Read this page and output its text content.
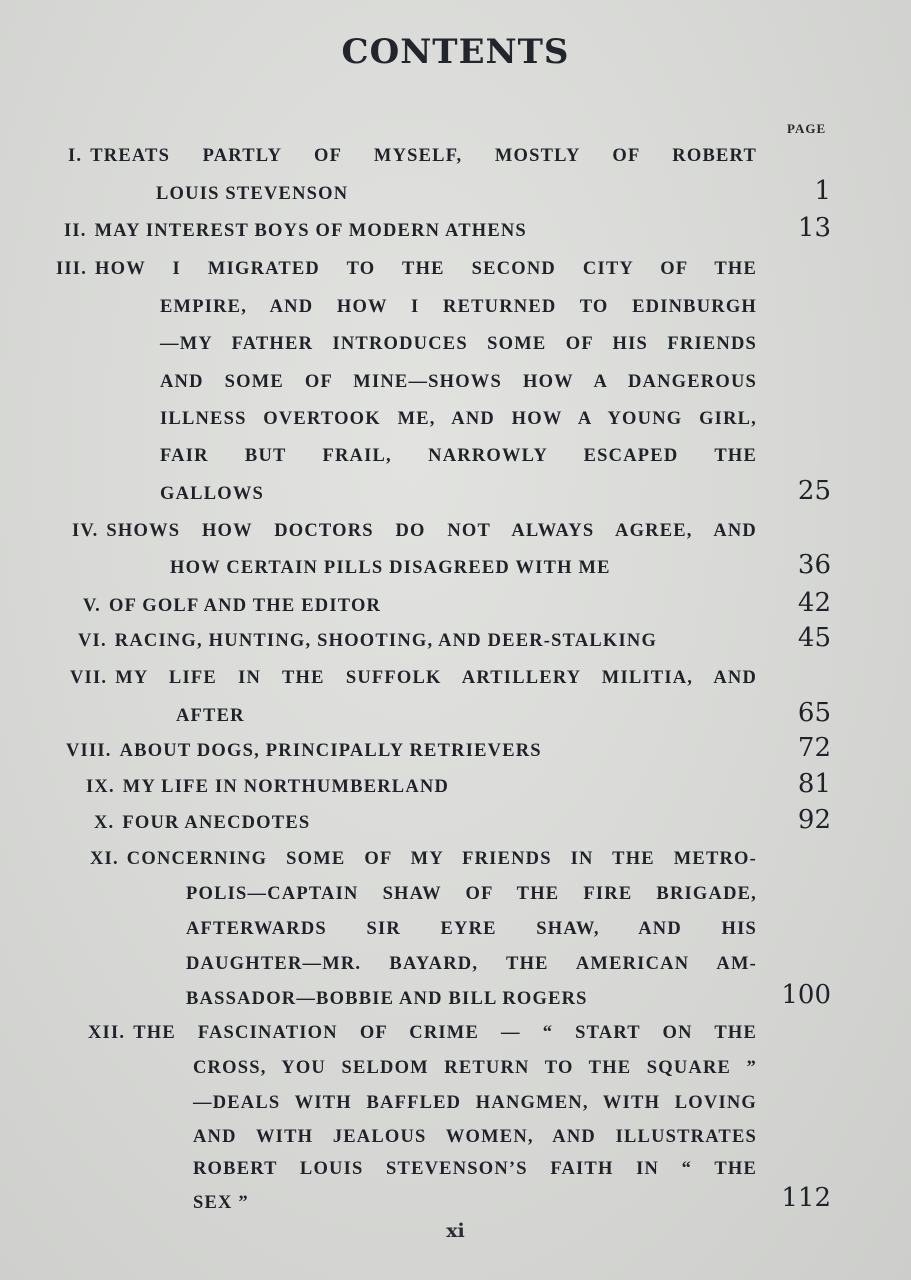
CONTENTS
PAGE
I. TREATS PARTLY OF MYSELF, MOSTLY OF ROBERT
LOUIS STEVENSON	1
II. MAY INTEREST BOYS OF MODERN ATHENS	13
III. HOW I MIGRATED TO THE SECOND CITY OF THE
EMPIRE, AND HOW I RETURNED TO EDINBURGH
—MY FATHER INTRODUCES SOME OF HIS FRIENDS
AND SOME OF MINE—SHOWS HOW A DANGEROUS
ILLNESS OVERTOOK ME, AND HOW A YOUNG GIRL,
FAIR BUT FRAIL, NARROWLY ESCAPED THE
GALLOWS	25
IV. SHOWS HOW DOCTORS DO NOT ALWAYS AGREE, AND
HOW CERTAIN PILLS DISAGREED WITH ME	36
V. OF GOLF AND THE EDITOR	42
VI. RACING, HUNTING, SHOOTING, AND DEER-STALKING	45
VII. MY LIFE IN THE SUFFOLK ARTILLERY MILITIA, AND
AFTER	65
VIII. ABOUT DOGS, PRINCIPALLY RETRIEVERS	72
IX. MY LIFE IN NORTHUMBERLAND	81
X. FOUR ANECDOTES	92
XI. CONCERNING SOME OF MY FRIENDS IN THE METRO-
POLIS—CAPTAIN SHAW OF THE FIRE BRIGADE,
AFTERWARDS SIR EYRE SHAW, AND HIS
DAUGHTER—MR. BAYARD, THE AMERICAN AM-
BASSADOR—BOBBIE AND BILL ROGERS	100
XII. THE FASCINATION OF CRIME — “ START ON THE
CROSS, YOU SELDOM RETURN TO THE SQUARE ”
—DEALS WITH BAFFLED HANGMEN, WITH LOVING
AND WITH JEALOUS WOMEN, AND ILLUSTRATES
ROBERT LOUIS STEVENSON’S FAITH IN “ THE
SEX ”	112
xi
